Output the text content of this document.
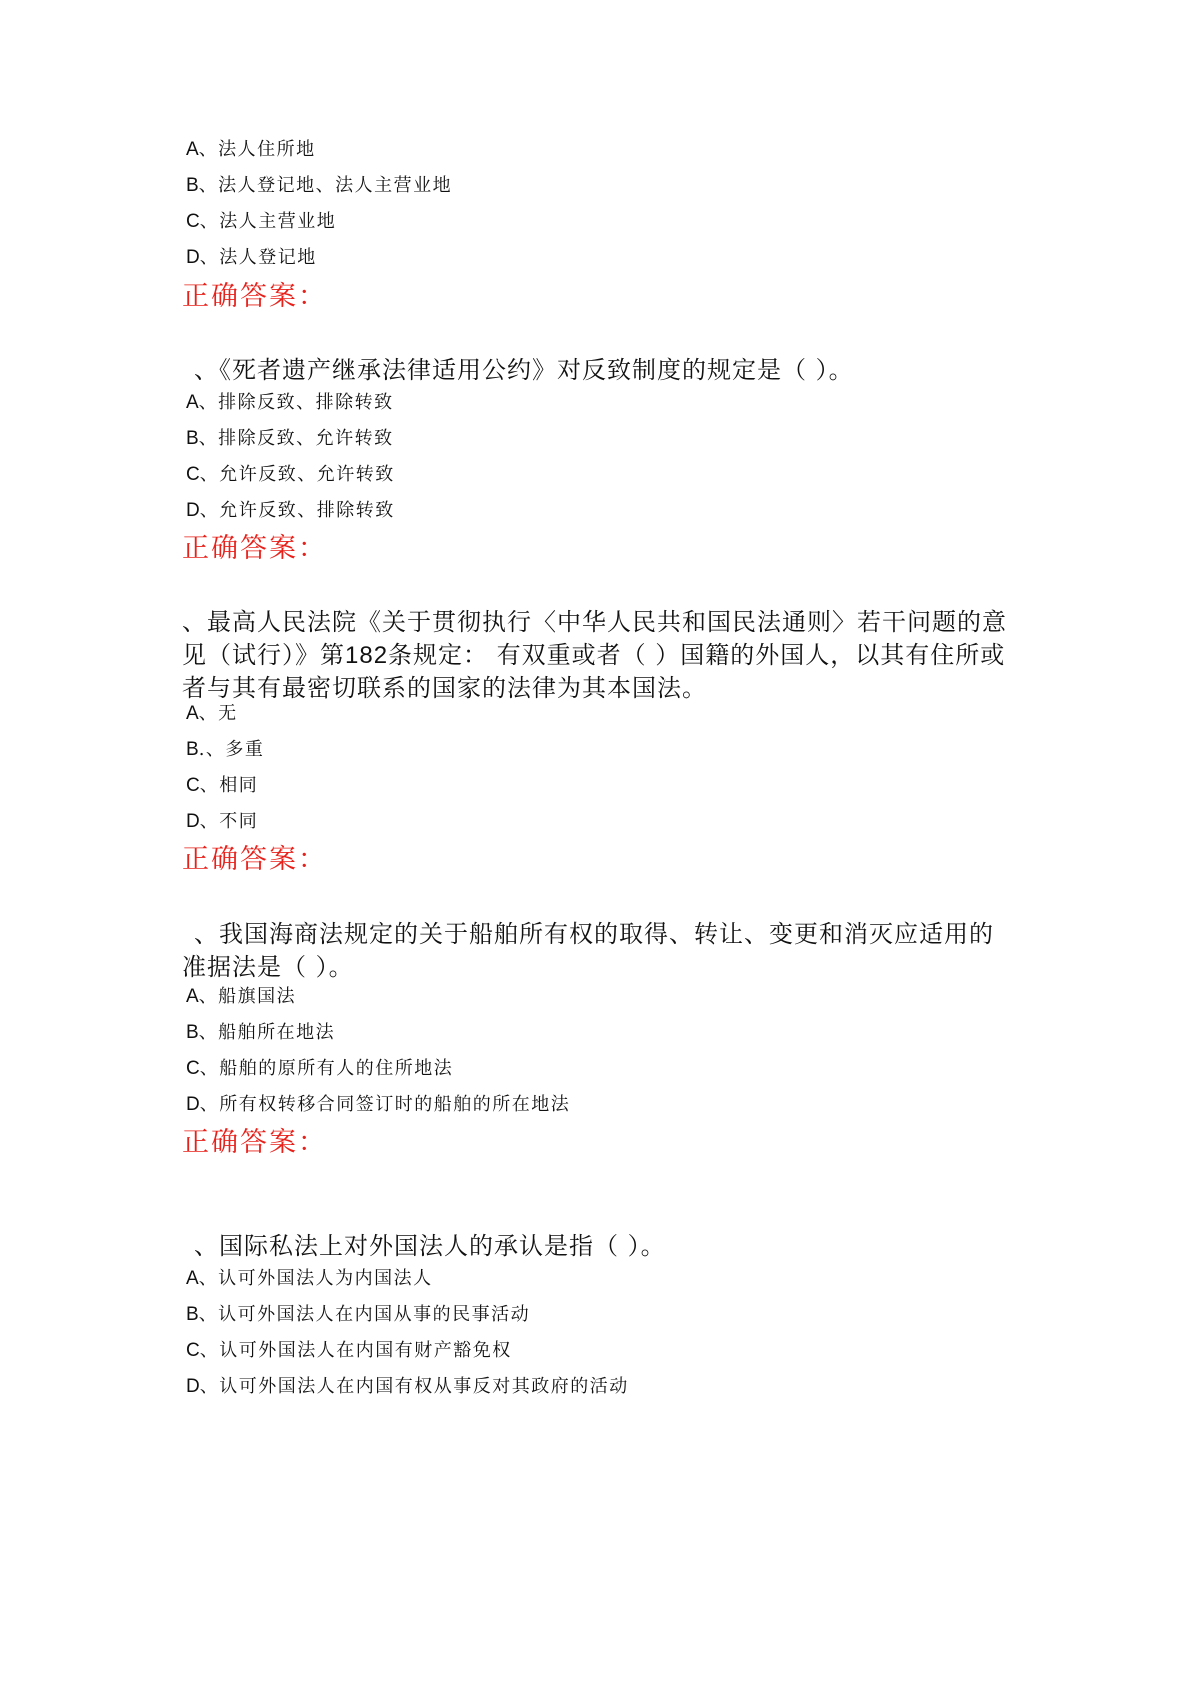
A、法人住所地
B、法人登记地、法人主营业地
C、法人主营业地
D、法人登记地
正确答案：
、《死者遗产继承法律适用公约》对反致制度的规定是（ ）。
A、排除反致、排除转致
B、排除反致、允许转致
C、允许反致、允许转致
D、允许反致、排除转致
正确答案：
、最高人民法院《关于贯彻执行〈中华人民共和国民法通则〉若干问题的意见（试行）》第182条规定： 有双重或者（ ）国籍的外国人，以其有住所或者与其有最密切联系的国家的法律为其本国法。
A、无
B.、多重
C、相同
D、不同
正确答案：
、我国海商法规定的关于船舶所有权的取得、转让、变更和消灭应适用的准据法是（ ）。
A、船旗国法
B、船舶所在地法
C、船舶的原所有人的住所地法
D、所有权转移合同签订时的船舶的所在地法
正确答案：
、国际私法上对外国法人的承认是指（ ）。
A、认可外国法人为内国法人
B、认可外国法人在内国从事的民事活动
C、认可外国法人在内国有财产豁免权
D、认可外国法人在内国有权从事反对其政府的活动
